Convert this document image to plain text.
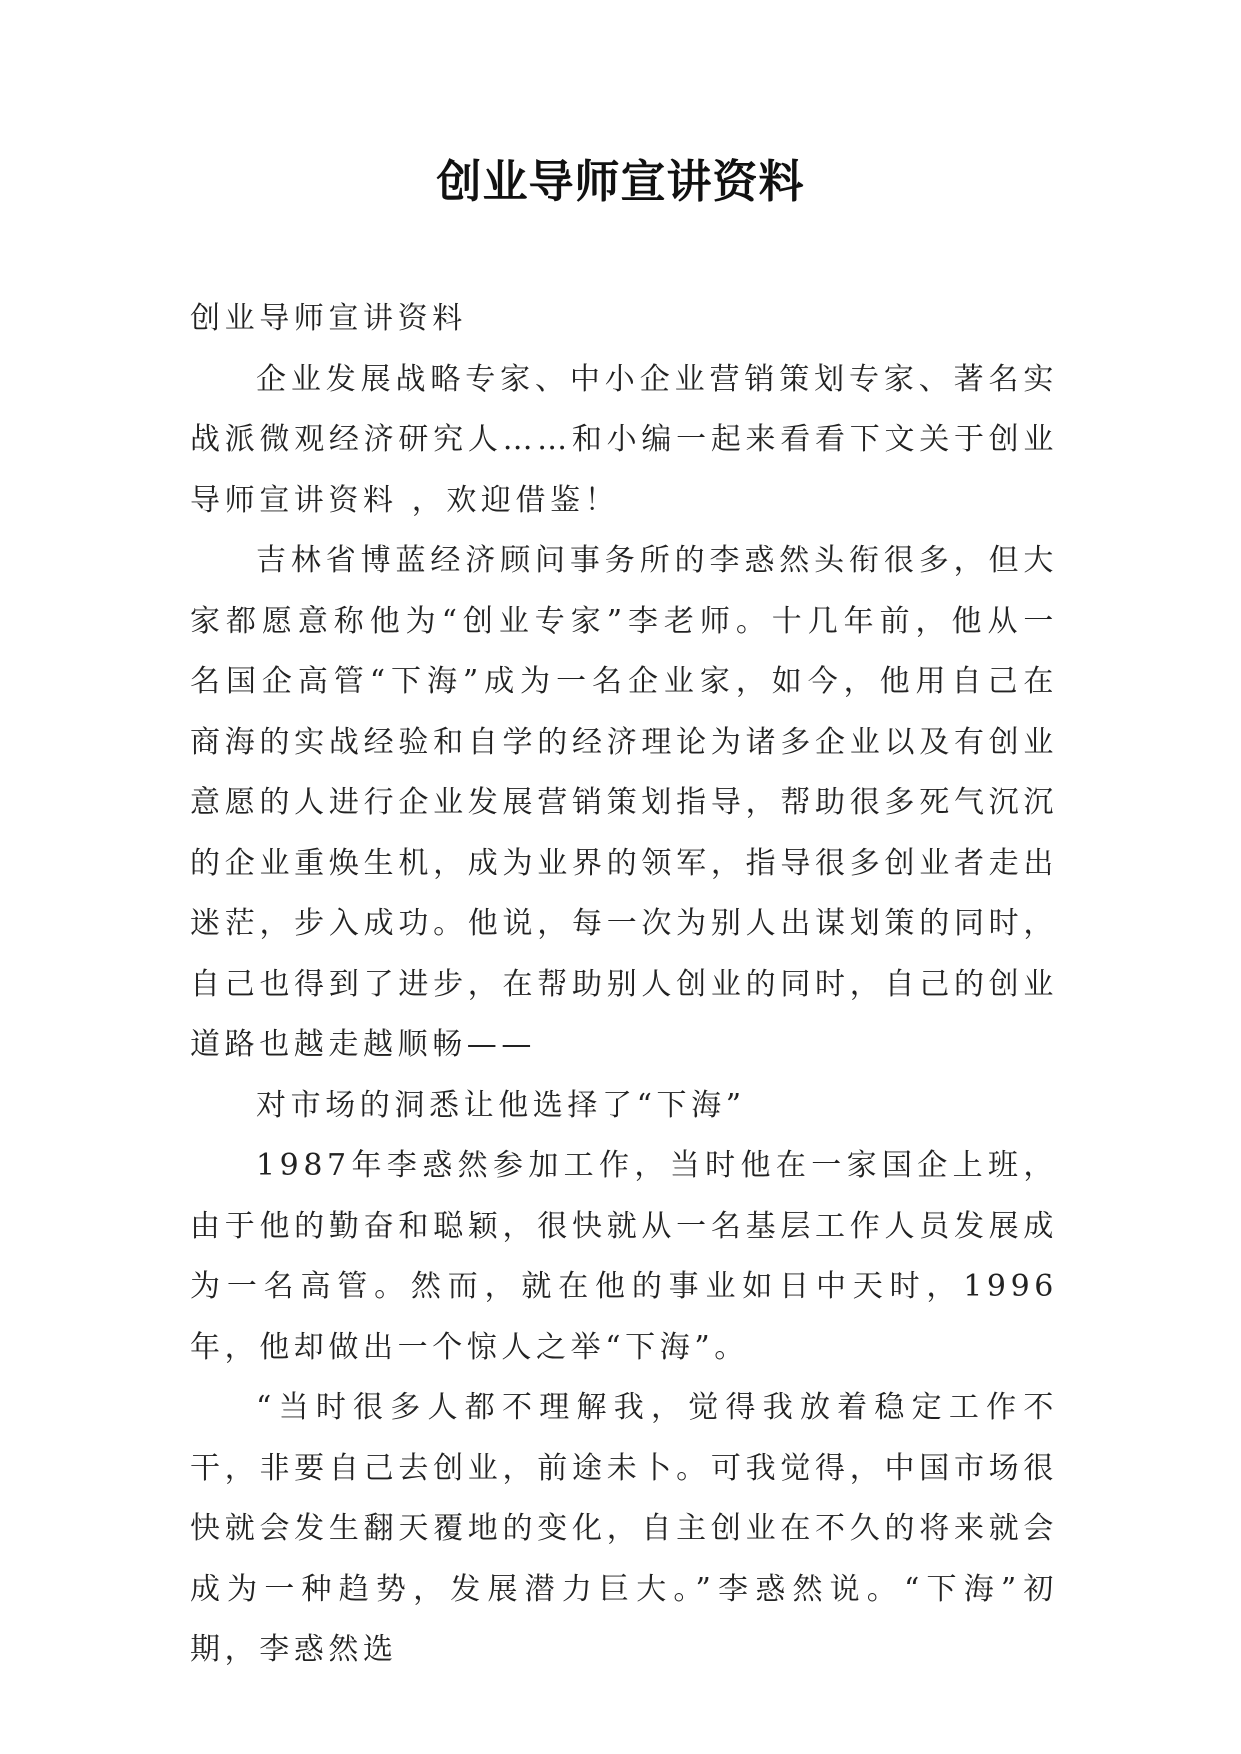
创业导师宣讲资料

创业导师宣讲资料

企业发展战略专家、中小企业营销策划专家、著名实战派微观经济研究人……和小编一起来看看下文关于创业导师宣讲资料 ，欢迎借鉴！

吉林省博蓝经济顾问事务所的李惑然头衔很多，但大家都愿意称他为“创业专家”李老师。十几年前，他从一名国企高管“下海”成为一名企业家，如今，他用自己在商海的实战经验和自学的经济理论为诸多企业以及有创业意愿的人进行企业发展营销策划指导，帮助很多死气沉沉的企业重焕生机，成为业界的领军，指导很多创业者走出迷茫，步入成功。他说，每一次为别人出谋划策的同时，自己也得到了进步，在帮助别人创业的同时，自己的创业道路也越走越顺畅——

对市场的洞悉让他选择了“下海”

1987年李惑然参加工作，当时他在一家国企上班，由于他的勤奋和聪颖，很快就从一名基层工作人员发展成为一名高管。然而，就在他的事业如日中天时，1996年，他却做出一个惊人之举“下海”。

“当时很多人都不理解我，觉得我放着稳定工作不干，非要自己去创业，前途未卜。可我觉得，中国市场很快就会发生翻天覆地的变化，自主创业在不久的将来就会成为一种趋势，发展潜力巨大。”李惑然说。“下海”初期，李惑然选
